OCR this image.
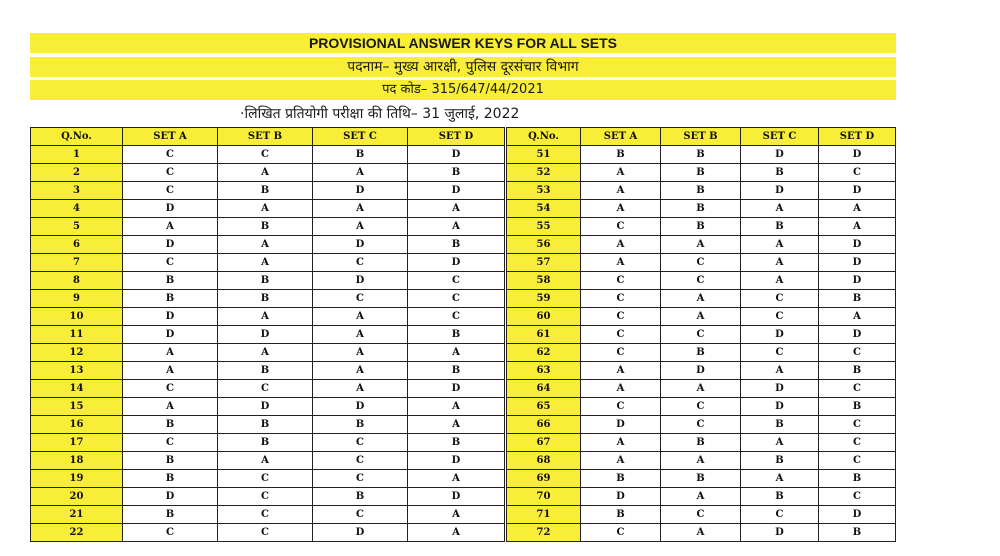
PROVISIONAL ANSWER KEYS FOR ALL SETS
पदनाम– मुख्य आरक्षी, पुलिस दूरसंचार विभाग
पद कोड– 315/647/44/2021
·लिखित प्रतियोगी परीक्षा की तिथि– 31 जुलाई, 2022
Q.No.	SET A	SET B	SET C	SET D
1	C	C	B	D
2	C	A	A	B
3	C	B	D	D
4	D	A	A	A
5	A	B	A	A
6	D	A	D	B
7	C	A	C	D
8	B	B	D	C
9	B	B	C	C
10	D	A	A	C
11	D	D	A	B
12	A	A	A	A
13	A	B	A	B
14	C	C	A	D
15	A	D	D	A
16	B	B	B	A
17	C	B	C	B
18	B	A	C	D
19	B	C	C	A
20	D	C	B	D
21	B	C	C	A
22	C	C	D	A
Q.No.	SET A	SET B	SET C	SET D
51	B	B	D	D
52	A	B	B	C
53	A	B	D	D
54	A	B	A	A
55	C	B	B	A
56	A	A	A	D
57	A	C	A	D
58	C	C	A	D
59	C	A	C	B
60	C	A	C	A
61	C	C	D	D
62	C	B	C	C
63	A	D	A	B
64	A	A	D	C
65	C	C	D	B
66	D	C	B	C
67	A	B	A	C
68	A	A	B	C
69	B	B	A	B
70	D	A	B	C
71	B	C	C	D
72	C	A	D	B
